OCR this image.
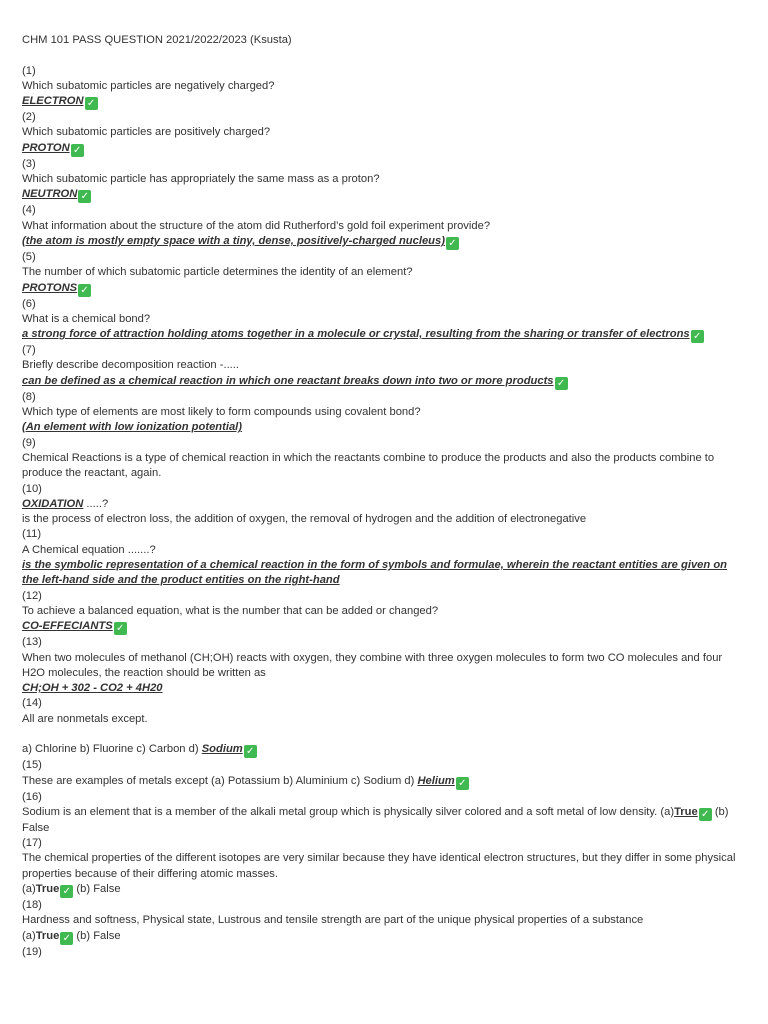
CHM 101 PASS QUESTION 2021/2022/2023 (Ksusta)

(1)

Which subatomic particles are negatively charged?

ELECTRON ✓

(2)

Which subatomic particles are positively charged?

PROTON ✓

(3)

Which subatomic particle has appropriately the same mass as a proton?

NEUTRON ✓

(4)

What information about the structure of the atom did Rutherford’s gold foil experiment provide?

(the atom is mostly empty space with a tiny, dense, positively-charged nucleus) ✓

(5)

The number of which subatomic particle determines the identity of an element?

PROTONS ✓

(6)

What is a chemical bond?

a strong force of attraction holding atoms together in a molecule or crystal, resulting from the sharing or transfer of electrons ✓

(7)

Briefly describe decomposition reaction -.....

can be defined as a chemical reaction in which one reactant breaks down into two or more products ✓

(8)

Which type of elements are most likely to form compounds using covalent bond?

(An element with low ionization potential)

(9)

Chemical Reactions is a type of chemical reaction in which the reactants combine to produce the products and also the products combine to produce the reactant, again.

(10)

OXIDATION .....?

is the process of electron loss, the addition of oxygen, the removal of hydrogen and the addition of electronegative

(11)

A Chemical equation .......?

is the symbolic representation of a chemical reaction in the form of symbols and formulae, wherein the reactant entities are given on the left-hand side and the product entities on the right-hand

(12)

To achieve a balanced equation, what is the number that can be added or changed?

CO-EFFECIANTS ✓

(13)

When two molecules of methanol (CH;OH) reacts with oxygen, they combine with three oxygen molecules to form two CO molecules and four H2O molecules, the reaction should be written as

CH;OH + 302 - CO2 + 4H20

(14)

All are nonmetals except.

a) Chlorine b) Fluorine c) Carbon d) Sodium ✓

(15)

These are examples of metals except (a) Potassium b) Aluminium c) Sodium d) Helium ✓

(16)

Sodium is an element that is a member of the alkali metal group which is physically silver colored and a soft metal of low density. (a)True ✓ (b) False

(17)

The chemical properties of the different isotopes are very similar because they have identical electron structures, but they differ in some physical properties because of their differing atomic masses.

(a)True ✓ (b) False

(18)

Hardness and softness, Physical state, Lustrous and tensile strength are part of the unique physical properties of a substance

(a)True ✓ (b) False

(19)
